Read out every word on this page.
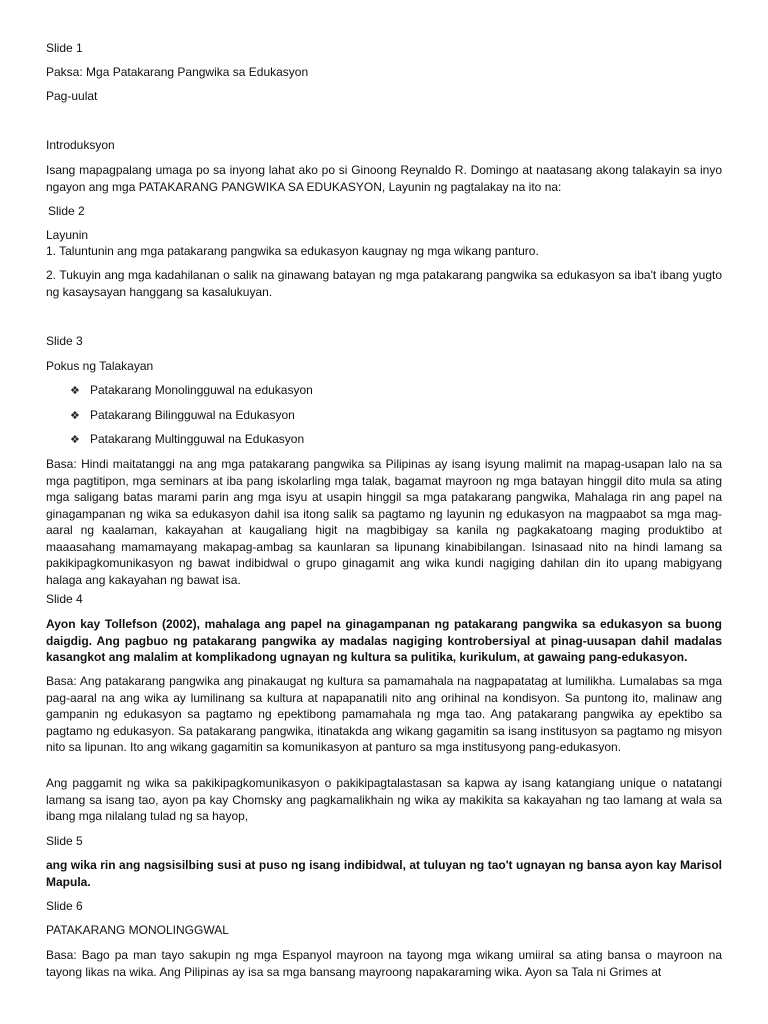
Slide 1

Paksa: Mga Patakarang Pangwika sa Edukasyon

Pag-uulat

Introduksyon

Isang mapagpalang umaga po sa inyong lahat ako po si Ginoong Reynaldo R. Domingo at naatasang akong talakayin sa inyo ngayon ang mga PATAKARANG PANGWIKA SA EDUKASYON, Layunin ng pagtalakay na ito na:

Slide 2

Layunin

1. Taluntunin ang mga patakarang pangwika sa edukasyon kaugnay ng mga wikang panturo.

2. Tukuyin ang mga kadahilanan o salik na ginawang batayan ng mga patakarang pangwika sa edukasyon sa iba't ibang yugto ng kasaysayan hanggang sa kasalukuyan.

Slide 3

Pokus ng Talakayan

❖ Patakarang Monolingguwal na edukasyon
❖ Patakarang Bilingguwal na Edukasyon
❖ Patakarang Multingguwal na Edukasyon

Basa: Hindi maitatanggi na ang mga patakarang pangwika sa Pilipinas ay isang isyung malimit na mapag-usapan lalo na sa mga pagtitipon, mga seminars at iba pang iskolarling mga talak, bagamat mayroon ng mga batayan hinggil dito mula sa ating mga saligang batas marami parin ang mga isyu at usapin hinggil sa mga patakarang pangwika, Mahalaga rin ang papel na ginagampanan ng wika sa edukasyon dahil isa itong salik sa pagtamo ng layunin ng edukasyon na magpaabot sa mga mag-aaral ng kaalaman, kakayahan at kaugaliang higit na magbibigay sa kanila ng pagkakatoang maging produktibo at maaasahang mamamayang makapag-ambag sa kaunlaran sa lipunang kinabibilangan. Isinasaad nito na hindi lamang sa pakikipagkomunikasyon ng bawat indibidwal o grupo ginagamit ang wika kundi nagiging dahilan din ito upang mabigyang halaga ang kakayahan ng bawat isa.

Slide 4

Ayon kay Tollefson (2002), mahalaga ang papel na ginagampanan ng patakarang pangwika sa edukasyon sa buong daigdig. Ang pagbuo ng patakarang pangwika ay madalas nagiging kontrobersiyal at pinag-uusapan dahil madalas kasangkot ang malalim at komplikadong ugnayan ng kultura sa pulitika, kurikulum, at gawaing pang-edukasyon.

Basa: Ang patakarang pangwika ang pinakaugat ng kultura sa pamamahala na nagpapatatag at lumilikha. Lumalabas sa mga pag-aaral na ang wika ay lumilinang sa kultura at napapanatili nito ang orihinal na kondisyon. Sa puntong ito, malinaw ang gampanin ng edukasyon sa pagtamo ng epektibong pamamahala ng mga tao. Ang patakarang pangwika ay epektibo sa pagtamo ng edukasyon. Sa patakarang pangwika, itinatakda ang wikang gagamitin sa isang institusyon sa pagtamo ng misyon nito sa lipunan. Ito ang wikang gagamitin sa komunikasyon at panturo sa mga institusyong pang-edukasyon.

Ang paggamit ng wika sa pakikipagkomunikasyon o pakikipagtalastasan sa kapwa ay isang katangiang unique o natatangi lamang sa isang tao, ayon pa kay Chomsky ang pagkamalikhain ng wika ay makikita sa kakayahan ng tao lamang at wala sa ibang mga nilalang tulad ng sa hayop,

Slide 5

ang wika rin ang nagsisilbing susi at puso ng isang indibidwal, at tuluyan ng tao't ugnayan ng bansa ayon kay Marisol Mapula.

Slide 6

PATAKARANG MONOLINGGWAL

Basa: Bago pa man tayo sakupin ng mga Espanyol mayroon na tayong mga wikang umiiral sa ating bansa o mayroon na tayong likas na wika. Ang Pilipinas ay isa sa mga bansang mayroong napakaraming wika. Ayon sa Tala ni Grimes at
